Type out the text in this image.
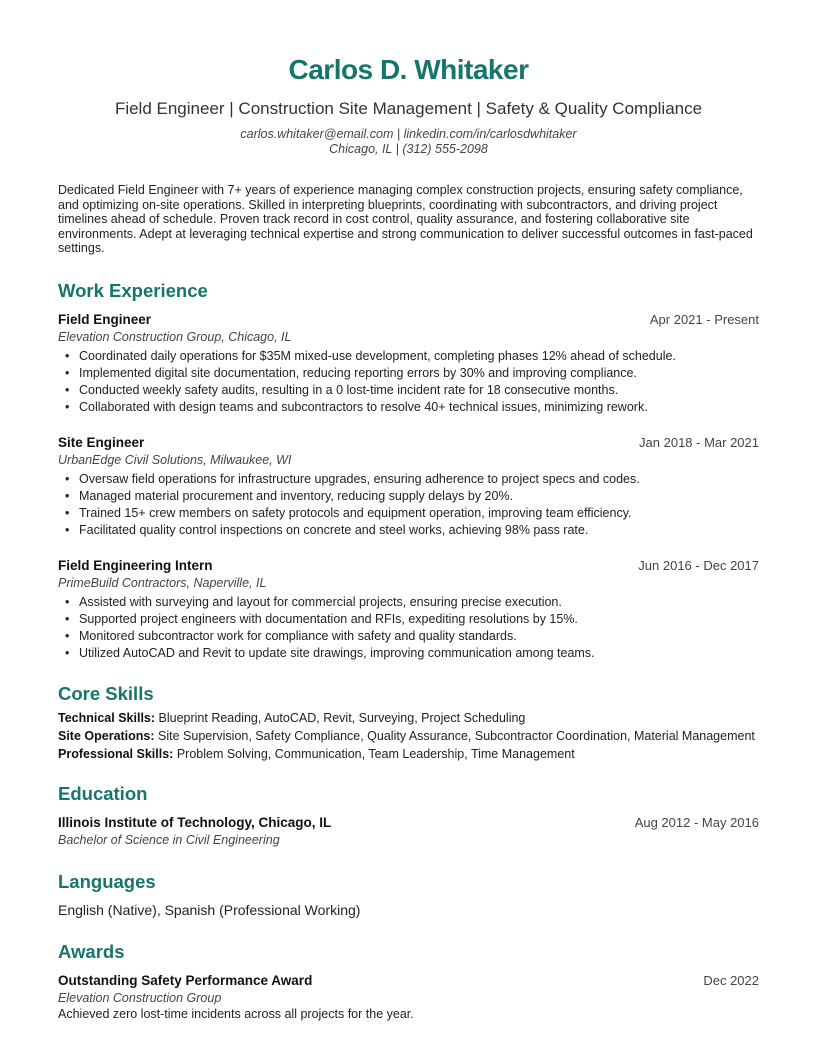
Carlos D. Whitaker
Field Engineer | Construction Site Management | Safety & Quality Compliance
carlos.whitaker@email.com | linkedin.com/in/carlosdwhitaker
Chicago, IL | (312) 555-2098

Dedicated Field Engineer with 7+ years of experience managing complex construction projects, ensuring safety compliance, and optimizing on-site operations. Skilled in interpreting blueprints, coordinating with subcontractors, and driving project timelines ahead of schedule. Proven track record in cost control, quality assurance, and fostering collaborative site environments. Adept at leveraging technical expertise and strong communication to deliver successful outcomes in fast-paced settings.

Work Experience
Field Engineer	Apr 2021 - Present
Elevation Construction Group, Chicago, IL
• Coordinated daily operations for $35M mixed-use development, completing phases 12% ahead of schedule.
• Implemented digital site documentation, reducing reporting errors by 30% and improving compliance.
• Conducted weekly safety audits, resulting in a 0 lost-time incident rate for 18 consecutive months.
• Collaborated with design teams and subcontractors to resolve 40+ technical issues, minimizing rework.
Site Engineer	Jan 2018 - Mar 2021
UrbanEdge Civil Solutions, Milwaukee, WI
• Oversaw field operations for infrastructure upgrades, ensuring adherence to project specs and codes.
• Managed material procurement and inventory, reducing supply delays by 20%.
• Trained 15+ crew members on safety protocols and equipment operation, improving team efficiency.
• Facilitated quality control inspections on concrete and steel works, achieving 98% pass rate.
Field Engineering Intern	Jun 2016 - Dec 2017
PrimeBuild Contractors, Naperville, IL
• Assisted with surveying and layout for commercial projects, ensuring precise execution.
• Supported project engineers with documentation and RFIs, expediting resolutions by 15%.
• Monitored subcontractor work for compliance with safety and quality standards.
• Utilized AutoCAD and Revit to update site drawings, improving communication among teams.
Core Skills
Technical Skills: Blueprint Reading, AutoCAD, Revit, Surveying, Project Scheduling
Site Operations: Site Supervision, Safety Compliance, Quality Assurance, Subcontractor Coordination, Material Management
Professional Skills: Problem Solving, Communication, Team Leadership, Time Management
Education
Illinois Institute of Technology, Chicago, IL	Aug 2012 - May 2016
Bachelor of Science in Civil Engineering
Languages
English (Native), Spanish (Professional Working)
Awards
Outstanding Safety Performance Award	Dec 2022
Elevation Construction Group
Achieved zero lost-time incidents across all projects for the year.
